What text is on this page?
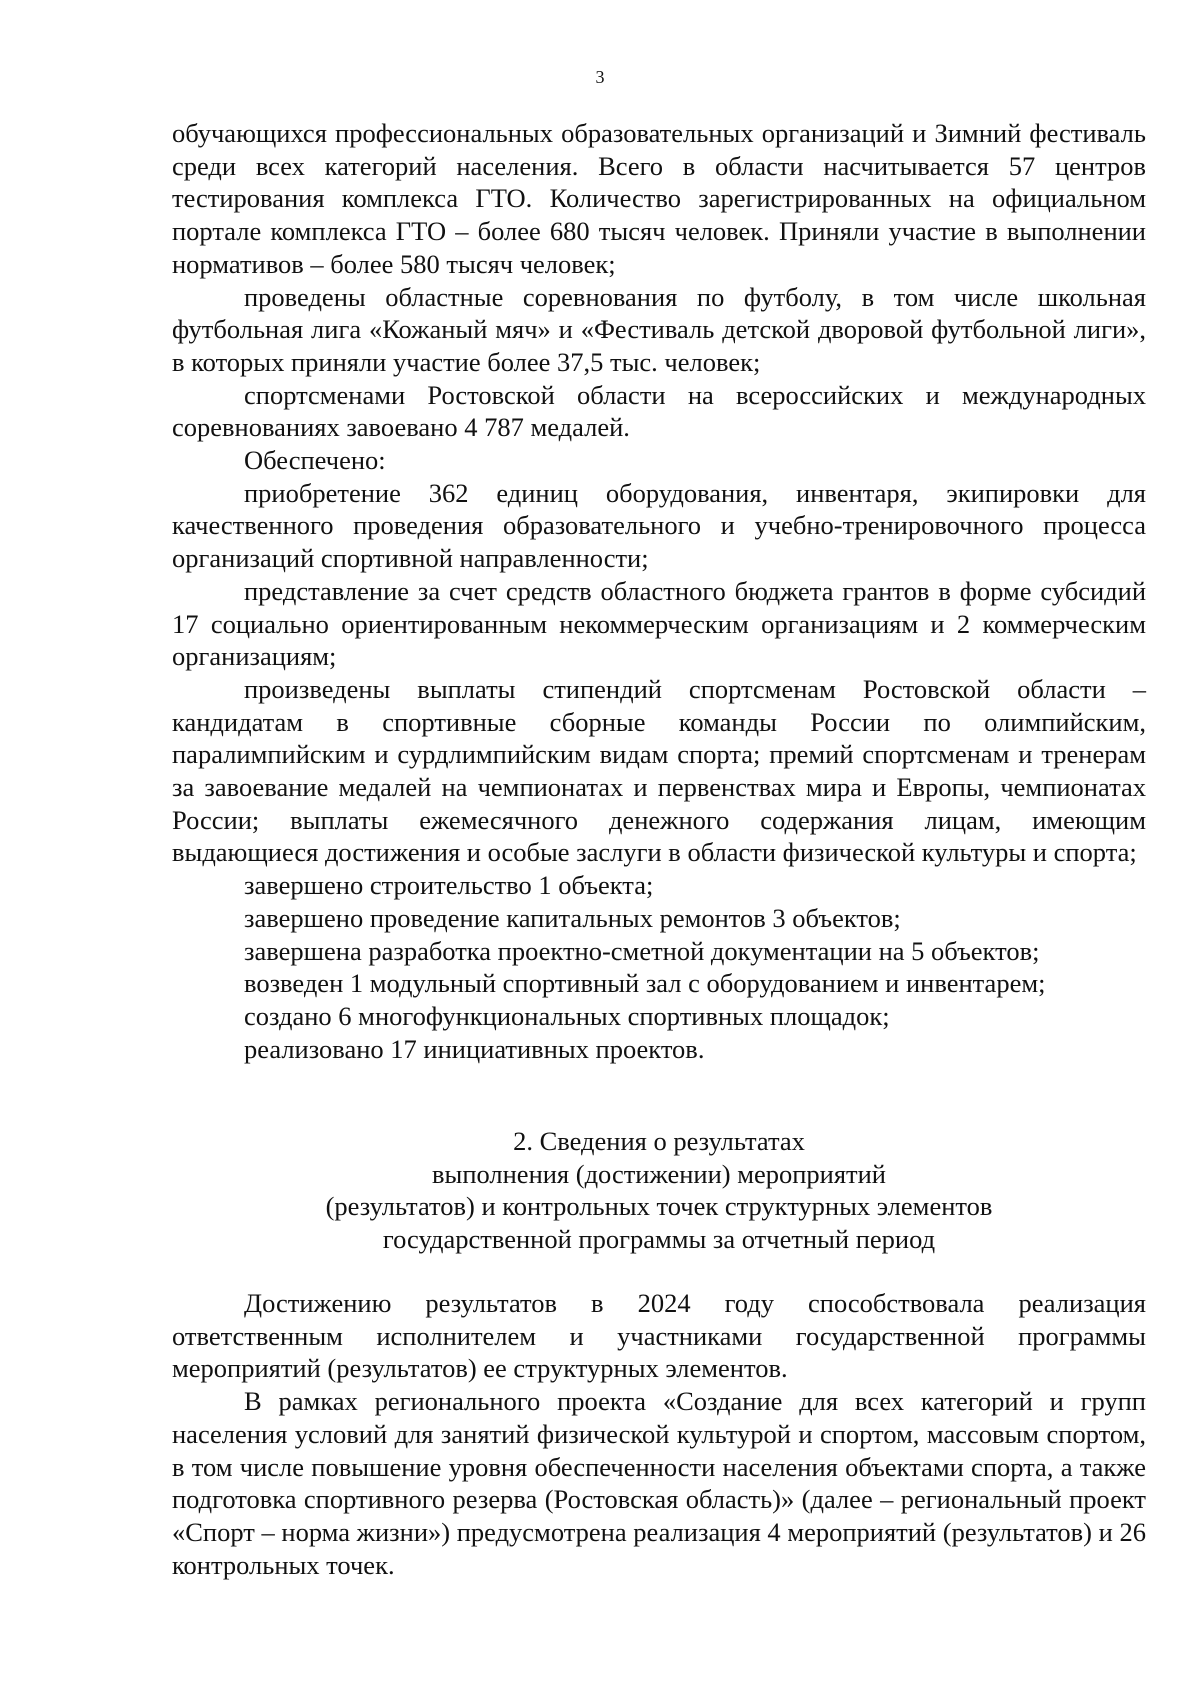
3

обучающихся профессиональных образовательных организаций и Зимний фестиваль среди всех категорий населения. Всего в области насчитывается 57 центров тестирования комплекса ГТО. Количество зарегистрированных на официальном портале комплекса ГТО – более 680 тысяч человек. Приняли участие в выполнении нормативов – более 580 тысяч человек;

проведены областные соревнования по футболу, в том числе школьная футбольная лига «Кожаный мяч» и «Фестиваль детской дворовой футбольной лиги», в которых приняли участие более 37,5 тыс. человек;

спортсменами Ростовской области на всероссийских и международных соревнованиях завоевано 4 787 медалей.

Обеспечено:

приобретение 362 единиц оборудования, инвентаря, экипировки для качественного проведения образовательного и учебно-тренировочного процесса организаций спортивной направленности;

представление за счет средств областного бюджета грантов в форме субсидий 17 социально ориентированным некоммерческим организациям и 2 коммерческим организациям;

произведены выплаты стипендий спортсменам Ростовской области – кандидатам в спортивные сборные команды России по олимпийским, паралимпийским и сурдлимпийским видам спорта; премий спортсменам и тренерам за завоевание медалей на чемпионатах и первенствах мира и Европы, чемпионатах России; выплаты ежемесячного денежного содержания лицам, имеющим выдающиеся достижения и особые заслуги в области физической культуры и спорта;

завершено строительство 1 объекта;

завершено проведение капитальных ремонтов 3 объектов;

завершена разработка проектно-сметной документации на 5 объектов;

возведен 1 модульный спортивный зал с оборудованием и инвентарем;

создано 6 многофункциональных спортивных площадок;

реализовано 17 инициативных проектов.

2. Сведения о результатах
выполнения (достижении) мероприятий
(результатов) и контрольных точек структурных элементов
государственной программы за отчетный период

Достижению результатов в 2024 году способствовала реализация ответственным исполнителем и участниками государственной программы мероприятий (результатов) ее структурных элементов.

В рамках регионального проекта «Создание для всех категорий и групп населения условий для занятий физической культурой и спортом, массовым спортом, в том числе повышение уровня обеспеченности населения объектами спорта, а также подготовка спортивного резерва (Ростовская область)» (далее – региональный проект «Спорт – норма жизни») предусмотрена реализация 4 мероприятий (результатов) и 26 контрольных точек.
